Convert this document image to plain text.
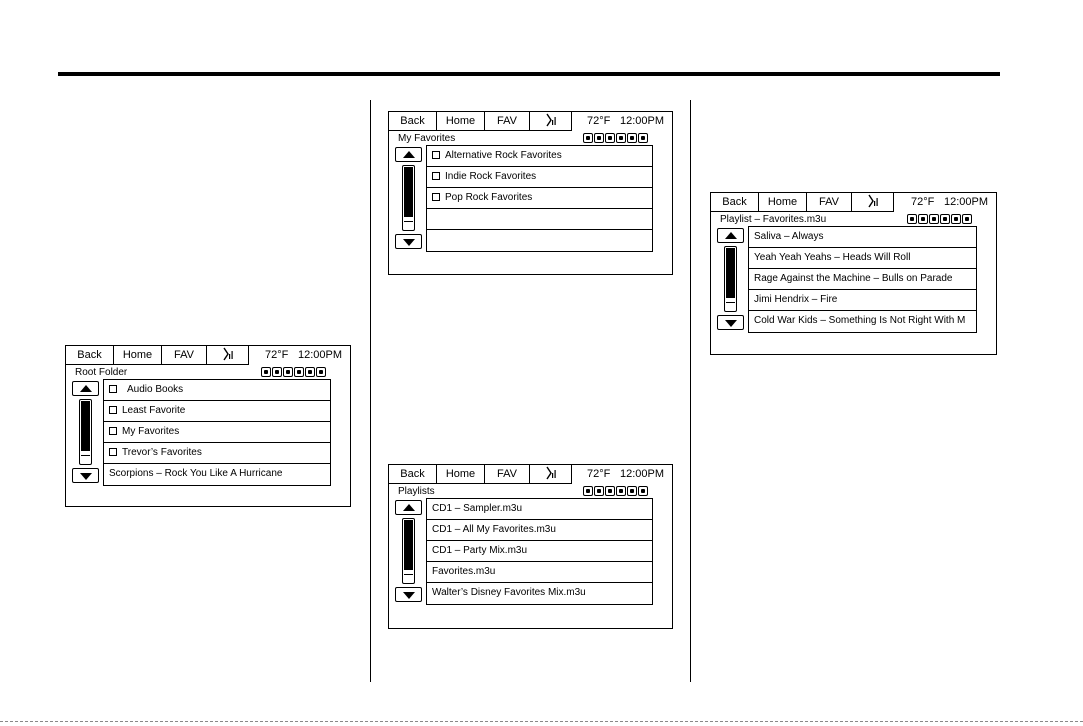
Back	Home	FAV	72°F 12:00PM
Root Folder
Audio Books
Least Favorite
My Favorites
Trevor’s Favorites
Scorpions – Rock You Like A Hurricane
Back	Home	FAV	72°F 12:00PM
My Favorites
Alternative Rock Favorites
Indie Rock Favorites
Pop Rock Favorites
Back	Home	FAV	72°F 12:00PM
Playlists
CD1 – Sampler.m3u
CD1 – All My Favorites.m3u
CD1 – Party Mix.m3u
Favorites.m3u
Walter’s Disney Favorites Mix.m3u
Back	Home	FAV	72°F 12:00PM
Playlist – Favorites.m3u
Saliva – Always
Yeah Yeah Yeahs – Heads Will Roll
Rage Against the Machine – Bulls on Parade
Jimi Hendrix – Fire
Cold War Kids – Something Is Not Right With M
